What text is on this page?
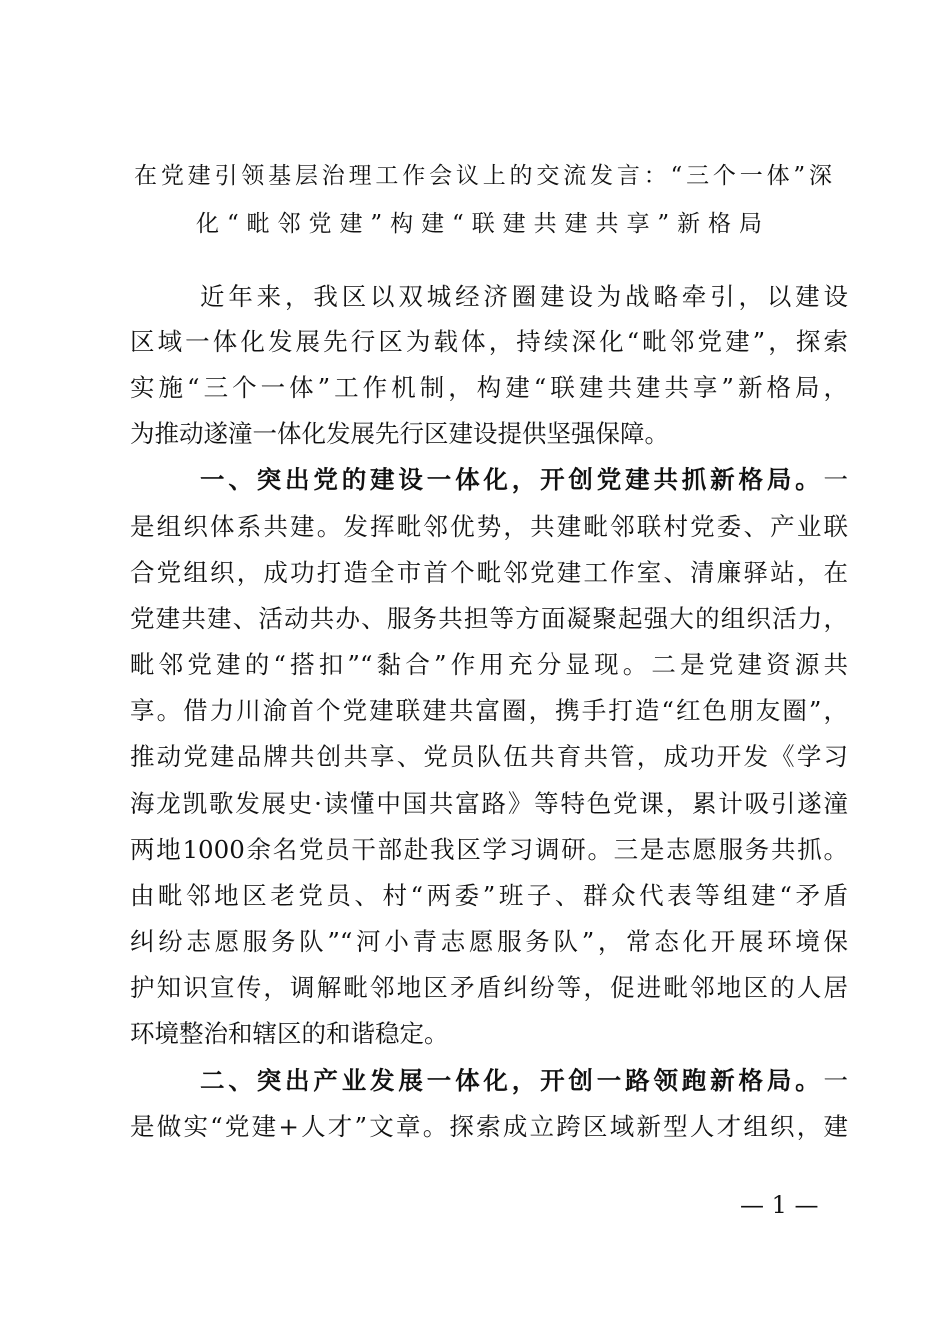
在党建引领基层治理工作会议上的交流发言：“三个一体”深
化“毗邻党建”构建“联建共建共享”新格局
近年来，我区以双城经济圈建设为战略牵引，以建设
区域一体化发展先行区为载体，持续深化“毗邻党建”，探索
实施“三个一体”工作机制，构建“联建共建共享”新格局，
为推动遂潼一体化发展先行区建设提供坚强保障。
一、突出党的建设一体化，开创党建共抓新格局。一
是组织体系共建。发挥毗邻优势，共建毗邻联村党委、产业联
合党组织，成功打造全市首个毗邻党建工作室、清廉驿站，在
党建共建、活动共办、服务共担等方面凝聚起强大的组织活力，
毗邻党建的“搭扣”“黏合”作用充分显现。二是党建资源共
享。借力川渝首个党建联建共富圈，携手打造“红色朋友圈”，
推动党建品牌共创共享、党员队伍共育共管，成功开发《学习
海龙凯歌发展史·读懂中国共富路》等特色党课，累计吸引遂潼
两地1000余名党员干部赴我区学习调研。三是志愿服务共抓。
由毗邻地区老党员、村“两委”班子、群众代表等组建“矛盾
纠纷志愿服务队”“河小青志愿服务队”，常态化开展环境保
护知识宣传，调解毗邻地区矛盾纠纷等，促进毗邻地区的人居
环境整治和辖区的和谐稳定。
二、突出产业发展一体化，开创一路领跑新格局。一
是做实“党建+人才”文章。探索成立跨区域新型人才组织，建
— 1 —
